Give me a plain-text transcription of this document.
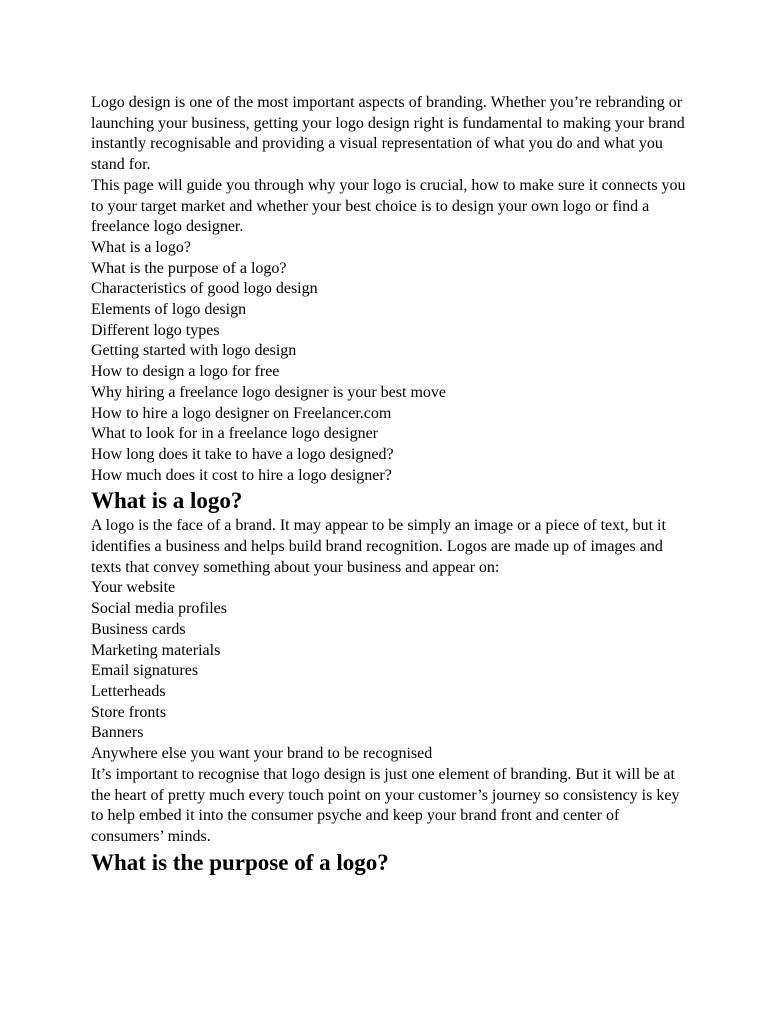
Logo design is one of the most important aspects of branding. Whether you’re rebranding or launching your business, getting your logo design right is fundamental to making your brand instantly recognisable and providing a visual representation of what you do and what you stand for.

This page will guide you through why your logo is crucial, how to make sure it connects you to your target market and whether your best choice is to design your own logo or find a freelance logo designer.

What is a logo?
What is the purpose of a logo?
Characteristics of good logo design
Elements of logo design
Different logo types
Getting started with logo design
How to design a logo for free
Why hiring a freelance logo designer is your best move
How to hire a logo designer on Freelancer.com
What to look for in a freelance logo designer
How long does it take to have a logo designed?
How much does it cost to hire a logo designer?
What is a logo?

A logo is the face of a brand. It may appear to be simply an image or a piece of text, but it identifies a business and helps build brand recognition. Logos are made up of images and texts that convey something about your business and appear on:

Your website
Social media profiles
Business cards
Marketing materials
Email signatures
Letterheads
Store fronts
Banners
Anywhere else you want your brand to be recognised

It’s important to recognise that logo design is just one element of branding. But it will be at the heart of pretty much every touch point on your customer’s journey so consistency is key to help embed it into the consumer psyche and keep your brand front and center of consumers’ minds.

What is the purpose of a logo?
